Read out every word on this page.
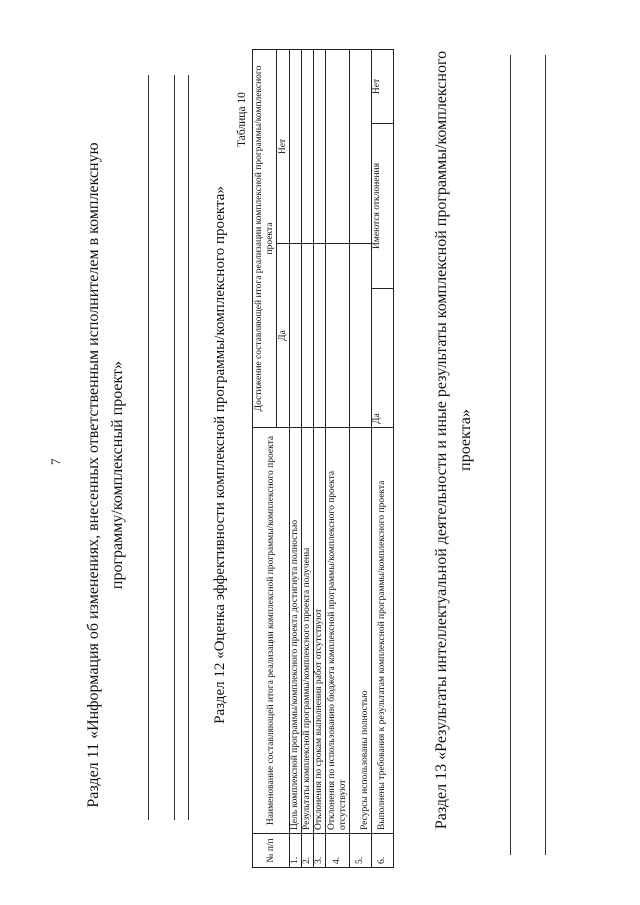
7 Раздел 11 «Информация об изменениях, внесенных ответственным исполнителем в комплексную программу/комплексный проект»	Раздел 12 «Оценка эффективности комплексной программы/комплексного проекта»
Таблица 10
№ п/п	Наименование составляющей итога реализации комплексной программы/комплексного проекта	Достижение составляющей итога реализации комплексной программы/комплексного проекта			
		Да		Нет	
1.	Цель комплексной программы/комплексного проекта достигнута полностью				
2.	Результаты комплексной программы/комплексного проекта получены				
3.	Отклонения по срокам выполнения работ отсутствуют				
4.	Отклонения по использованию бюджета комплексной программы/комплексного проекта отсутствуют				
5.	Ресурсы использованы полностью				
6.	Выполнены требования к результатам комплексной программы/комплексного проекта	Да	Имеются отклонения		Нет	Раздел 13 «Результаты интеллектуальной деятельности и иные результаты комплексной программы/комплексного проекта»
